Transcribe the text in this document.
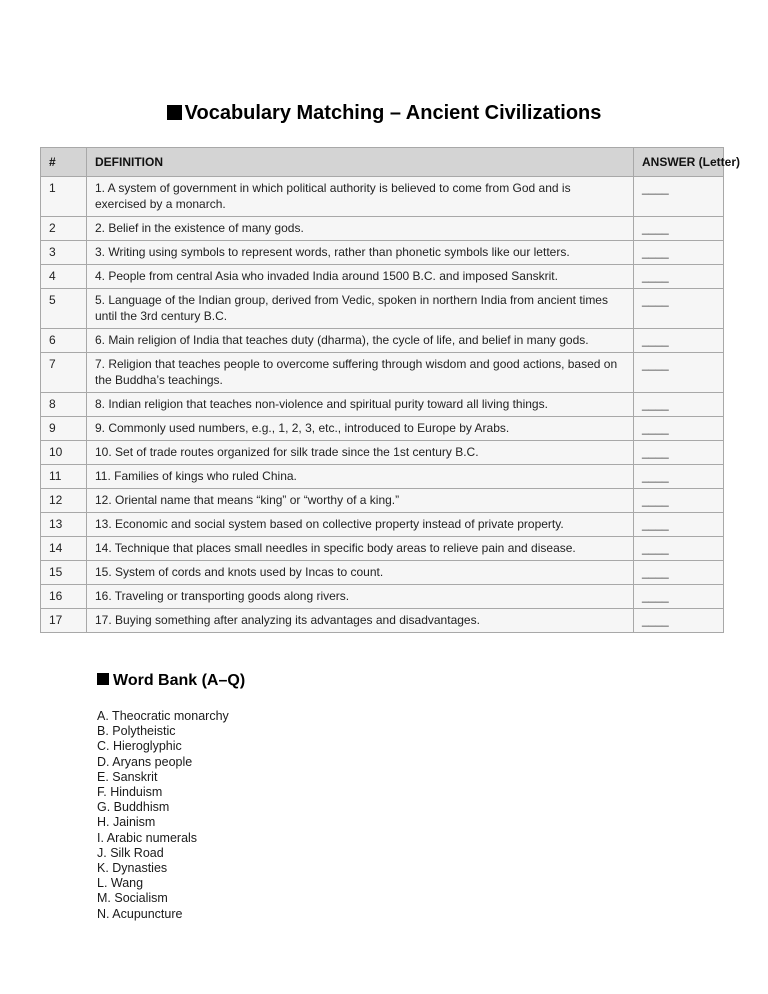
Vocabulary Matching – Ancient Civilizations
#	DEFINITION	ANSWER (Letter)
1	1. A system of government in which political authority is believed to come from God and is exercised by a monarch.	____
2	2. Belief in the existence of many gods.	____
3	3. Writing using symbols to represent words, rather than phonetic symbols like our letters.	____
4	4. People from central Asia who invaded India around 1500 B.C. and imposed Sanskrit.	____
5	5. Language of the Indian group, derived from Vedic, spoken in northern India from ancient times until the 3rd century B.C.	____
6	6. Main religion of India that teaches duty (dharma), the cycle of life, and belief in many gods.	____
7	7. Religion that teaches people to overcome suffering through wisdom and good actions, based on the Buddha’s teachings.	____
8	8. Indian religion that teaches non-violence and spiritual purity toward all living things.	____
9	9. Commonly used numbers, e.g., 1, 2, 3, etc., introduced to Europe by Arabs.	____
10	10. Set of trade routes organized for silk trade since the 1st century B.C.	____
11	11. Families of kings who ruled China.	____
12	12. Oriental name that means “king” or “worthy of a king.”	____
13	13. Economic and social system based on collective property instead of private property.	____
14	14. Technique that places small needles in specific body areas to relieve pain and disease.	____
15	15. System of cords and knots used by Incas to count.	____
16	16. Traveling or transporting goods along rivers.	____
17	17. Buying something after analyzing its advantages and disadvantages.	____
Word Bank (A–Q)
A. Theocratic monarchy
B. Polytheistic
C. Hieroglyphic
D. Aryans people
E. Sanskrit
F. Hinduism
G. Buddhism
H. Jainism
I. Arabic numerals
J. Silk Road
K. Dynasties
L. Wang
M. Socialism
N. Acupuncture
